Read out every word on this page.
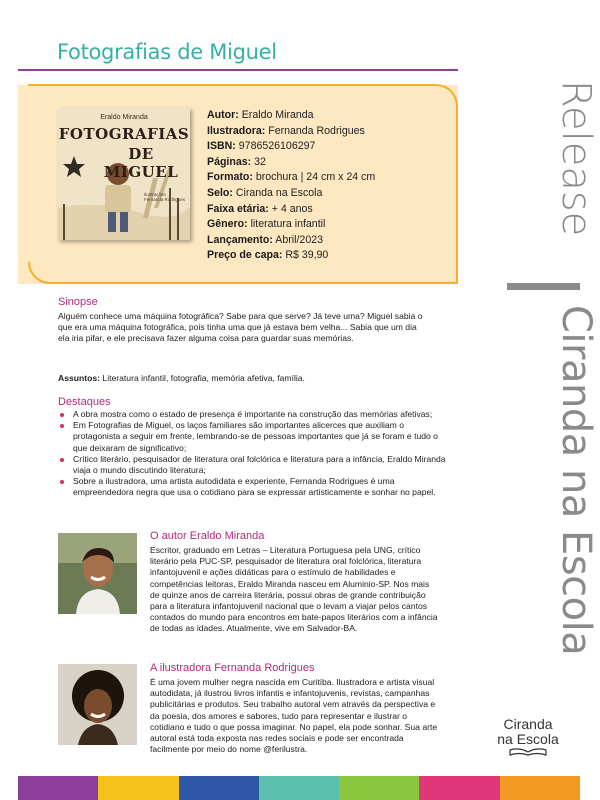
Fotografias de Miguel
Eraldo Miranda
FOTOGRAFIAS
DE MIGUEL
Ilustrações
Fernanda Rodrigues
Autor: Eraldo Miranda
Ilustradora: Fernanda Rodrigues
ISBN: 9786526106297
Páginas: 32
Formato: brochura | 24 cm x 24 cm
Selo: Ciranda na Escola
Faixa etária: + 4 anos
Gênero: literatura infantil
Lançamento: Abril/2023
Preço de capa: R$ 39,90
Release
Ciranda na Escola
Sinopse
Alguém conhece uma máquina fotográfica? Sabe para que serve? Já teve uma? Miguel sabia o que era uma máquina fotográfica, pois tinha uma que já estava bem velha... Sabia que um dia ela iria pifar, e ele precisava fazer alguma coisa para guardar suas memórias.
Assuntos: Literatura infantil, fotografia, memória afetiva, família.
Destaques
A obra mostra como o estado de presença é importante na construção das memórias afetivas;
Em Fotografias de Miguel, os laços familiares são importantes alicerces que auxiliam o protagonista a seguir em frente, lembrando-se de pessoas importantes que já se foram e tudo o que deixaram de significativo;
Crítico literário, pesquisador de literatura oral folclórica e literatura para a infância, Eraldo Miranda viaja o mundo discutindo literatura;
Sobre a ilustradora, uma artista autodidata e experiente, Fernanda Rodrigues é uma empreendedora negra que usa o cotidiano para se expressar artisticamente e sonhar no papel.
O autor Eraldo Miranda
Escritor, graduado em Letras – Literatura Portuguesa pela UNG, crítico literário pela PUC-SP, pesquisador de literatura oral folclórica, literatura infantojuvenil e ações didáticas para o estímulo de habilidades e competências leitoras, Eraldo Miranda nasceu em Aluminio-SP. Nos mais de quinze anos de carreira literária, possui obras de grande contribuição para a literatura infantojuvenil nacional que o levam a viajar pelos cantos contados do mundo para encontros em bate-papos literários com a infância de todas as idades. Atualmente, vive em Salvador-BA.
A ilustradora Fernanda Rodrigues
É uma jovem mulher negra nascida em Curitiba. Ilustradora e artista visual autodidata, já ilustrou livros infantis e infantojuvenis, revistas, campanhas publicitárias e produtos. Seu trabalho autoral vem através da perspectiva e da poesia, dos amores e sabores, tudo para representar e ilustrar o cotidiano e tudo o que possa imaginar. No papel, ela pode sonhar. Sua arte autoral está toda exposta nas redes sociais e pode ser encontrada facilmente por meio do nome @ferilustra.
Ciranda
na Escola
